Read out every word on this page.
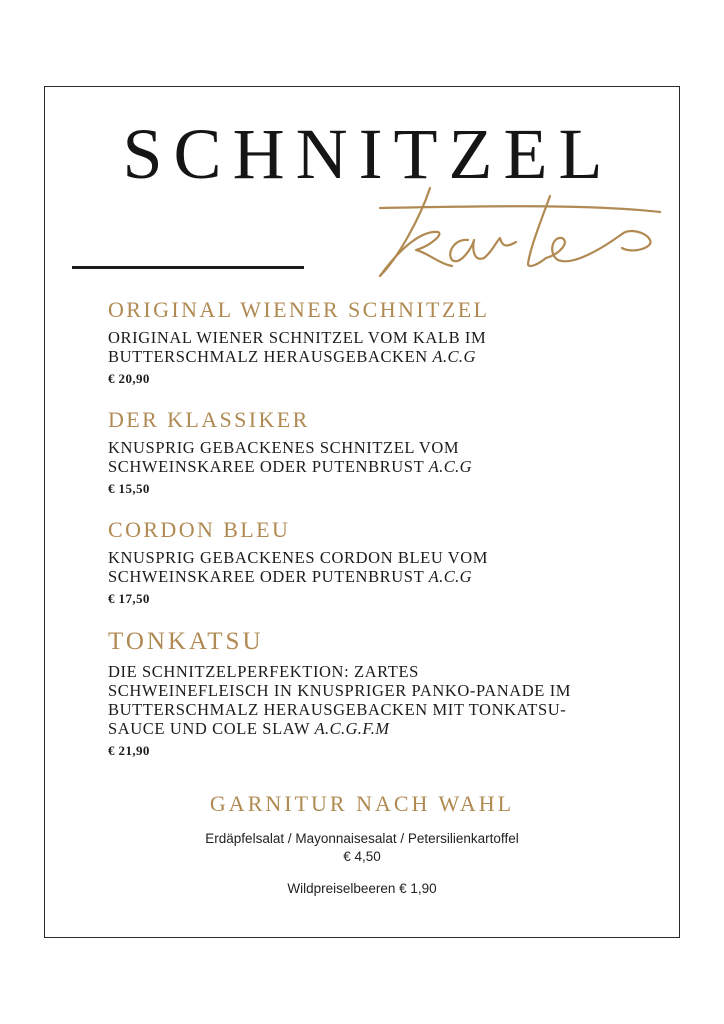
SCHNITZEL
ORIGINAL WIENER SCHNITZEL
ORIGINAL WIENER SCHNITZEL VOM KALB IM BUTTERSCHMALZ HERAUSGEBACKEN A.C.G
€ 20,90
DER KLASSIKER
KNUSPRIG GEBACKENES SCHNITZEL VOM SCHWEINSKAREE ODER PUTENBRUST A.C.G
€ 15,50
CORDON BLEU
KNUSPRIG GEBACKENES CORDON BLEU VOM SCHWEINSKAREE ODER PUTENBRUST A.C.G
€ 17,50
TONKATSU
DIE SCHNITZELPERFEKTION: ZARTES SCHWEINEFLEISCH IN KNUSPRIGER PANKO-PANADE IM BUTTERSCHMALZ HERAUSGEBACKEN MIT TONKATSU-SAUCE UND COLE SLAW A.C.G.F.M
€ 21,90
GARNITUR NACH WAHL
Erdäpfelsalat / Mayonnaisesalat / Petersilienkartoffel
€ 4,50
Wildpreiselbeeren € 1,90
